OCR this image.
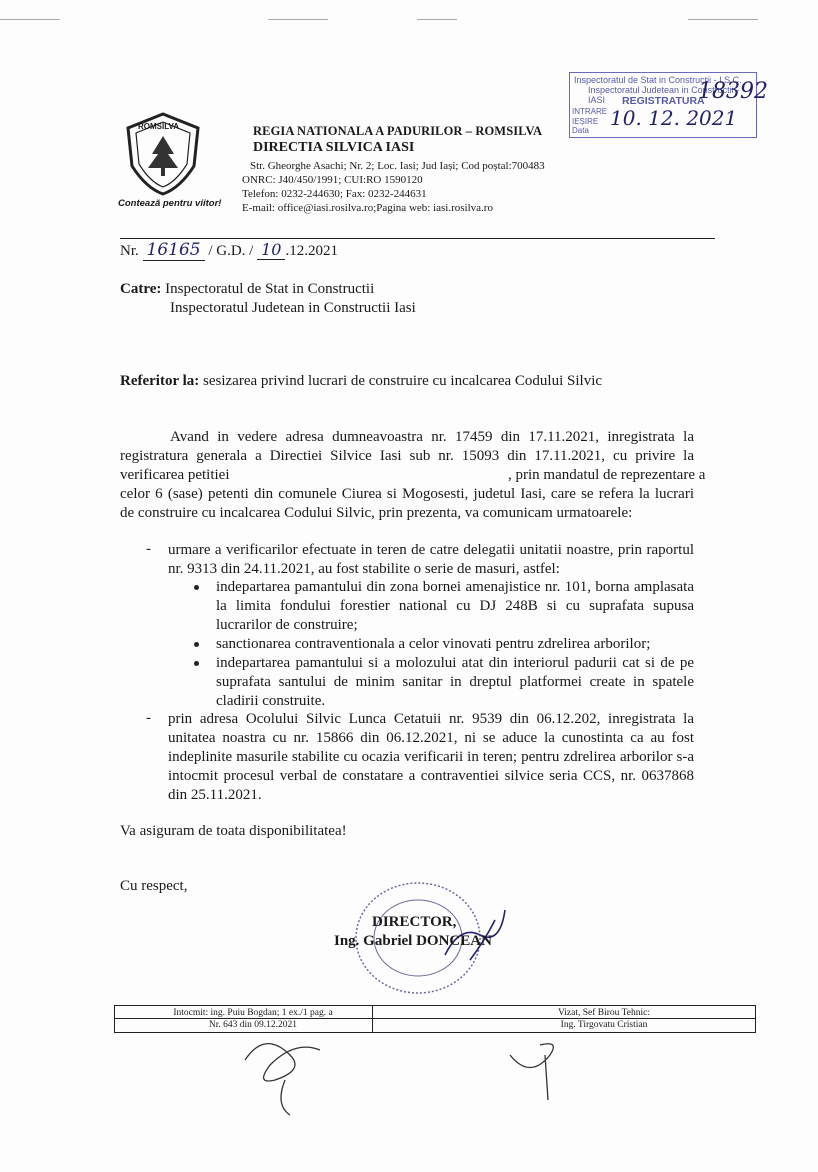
Inspectoratul de Stat in Constructii - I.S.C.
Inspectoratul Judetean in Constructii - IASI	REGISTRATURA
INTRARE
IEȘIRE
Data
18392
10. 12. 2021
ROMSILVA
Contează pentru viitor!
REGIA NATIONALA A PADURILOR – ROMSILVA
DIRECTIA SILVICA IASI
Str. Gheorghe Asachi; Nr. 2; Loc. Iasi; Jud Iași; Cod poștal:700483
ONRC: J40/450/1991; CUI:RO 1590120
Telefon: 0232-244630; Fax: 0232-244631
E-mail: office@iasi.rosilva.ro;Pagina web: iasi.rosilva.ro
Nr. 16165 / G.D. / 10 .12.2021
Catre: Inspectoratul de Stat in Constructii
Inspectoratul Judetean in Constructii Iasi
Referitor la: sesizarea privind lucrari de construire cu incalcarea Codului Silvic
Avand in vedere adresa dumneavoastra nr. 17459 din 17.11.2021, inregistrata la
registratura generala a Directiei Silvice Iasi sub nr. 15093 din 17.11.2021, cu privire la
verificarea petitiei	, prin mandatul de reprezentare a
celor 6 (sase) petenti din comunele Ciurea si Mogosesti, judetul Iasi, care se refera la lucrari
de construire cu incalcarea Codului Silvic, prin prezenta, va comunicam urmatoarele:
- urmare a verificarilor efectuate in teren de catre delegatii unitatii noastre, prin raportul nr. 9313 din 24.11.2021, au fost stabilite o serie de masuri, astfel:
indepartarea pamantului din zona bornei amenajistice nr. 101, borna amplasata la limita fondului forestier national cu DJ 248B si cu suprafata supusa lucrarilor de construire;
sanctionarea contraventionala a celor vinovati pentru zdrelirea arborilor;
indepartarea pamantului si a molozului atat din interiorul padurii cat si de pe suprafata santului de minim sanitar in dreptul platformei create in spatele cladirii construite.
- prin adresa Ocolului Silvic Lunca Cetatuii nr. 9539 din 06.12.202, inregistrata la unitatea noastra cu nr. 15866 din 06.12.2021, ni se aduce la cunostinta ca au fost indeplinite masurile stabilite cu ocazia verificarii in teren; pentru zdrelirea arborilor s-a intocmit procesul verbal de constatare a contraventiei silvice seria CCS, nr. 0637868 din 25.11.2021.
Va asiguram de toata disponibilitatea!
Cu respect,
DIRECTOR,
Ing. Gabriel DONCEAN
Intocmit: ing. Puiu Bogdan; 1 ex./1 pag. a
Nr. 643 din 09.12.2021
Vizat, Sef Birou Tehnic:
Ing. Tirgovatu Cristian
